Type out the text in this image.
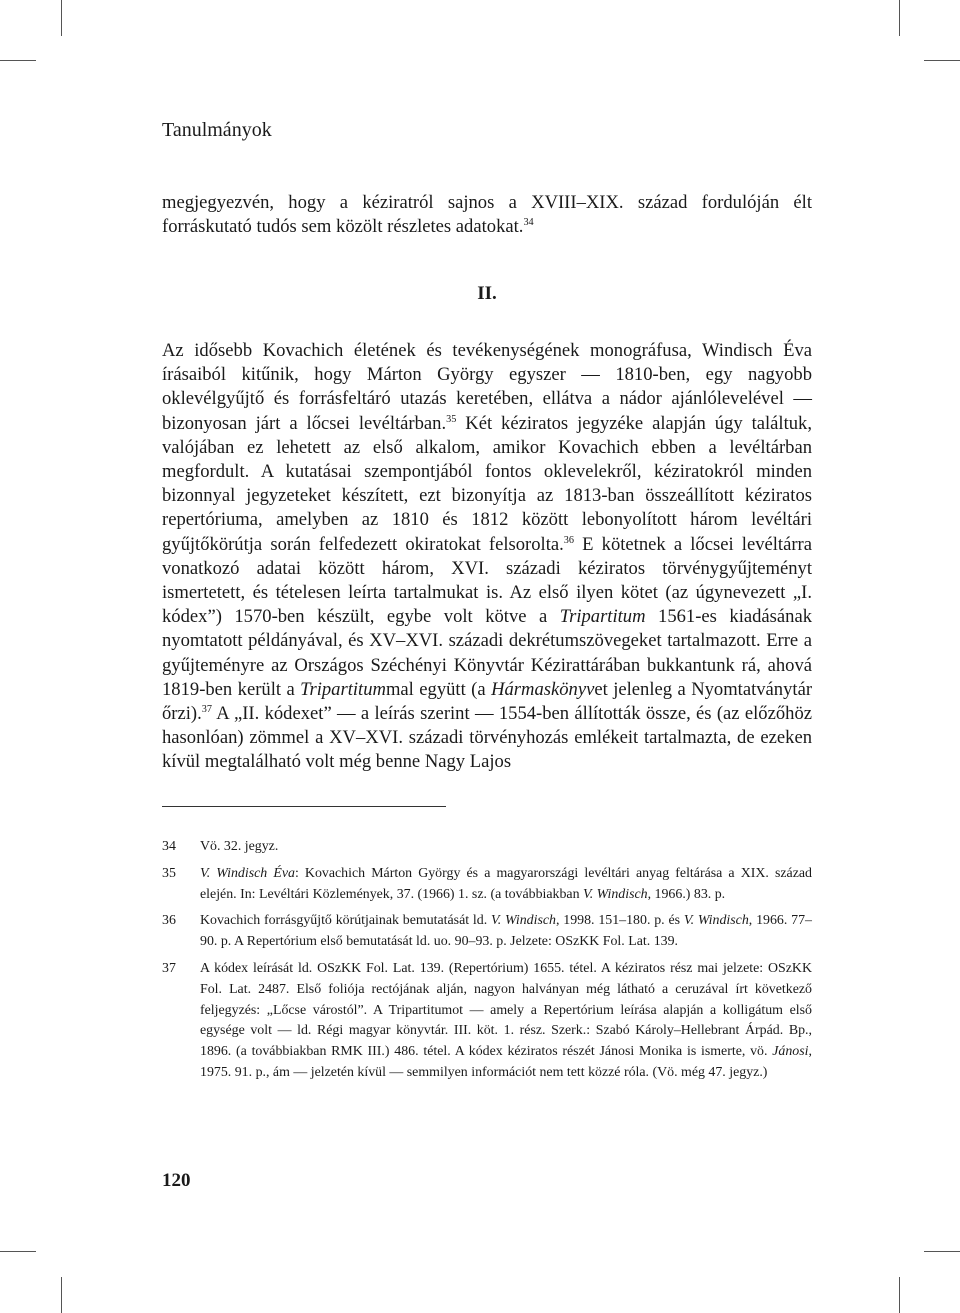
Tanulmányok

megjegyezvén, hogy a kéziratról sajnos a XVIII–XIX. század fordulóján élt forráskutató tudós sem közölt részletes adatokat.$^{34}$

II.

Az idősebb Kovachich életének és tevékenységének monográfusa, Windisch Éva írásaiból kitűnik, hogy Márton György egyszer — 1810-ben, egy nagyobb oklevélgyűjtő és forrásfeltáró utazás keretében, ellátva a nádor ajánlólevelével — bizonyosan járt a lőcsei levéltárban.$^{35}$ Két kéziratos jegyzéke alapján úgy találtuk, valójában ez lehetett az első alkalom, amikor Kovachich ebben a levéltárban megfordult. A kutatásai szempontjából fontos oklevelekről, kéziratokról minden bizonnyal jegyzeteket készített, ezt bizonyítja az 1813-ban összeállított kéziratos repertóriuma, amelyben az 1810 és 1812 között lebonyolított három levéltári gyűjtőkörútja során felfedezett okiratokat felsorolta.$^{36}$ E kötetnek a lőcsei levéltárra vonatkozó adatai között három, XVI. századi kéziratos törvénygyűjteményt ismertetett, és tételesen leírta tartalmukat is. Az első ilyen kötet (az úgynevezett „I. kódex”) 1570-ben készült, egybe volt kötve a Tripartitum 1561-es kiadásának nyomtatott példányával, és XV–XVI. századi dekrétumszövegeket tartalmazott. Erre a gyűjteményre az Országos Széchényi Könyvtár Kézirattárában bukkantunk rá, ahová 1819-ben került a Tripartitummal együtt (a Hármaskönyvet jelenleg a Nyomtatványtár őrzi).$^{37}$ A „II. kódexet” — a leírás szerint — 1554-ben állították össze, és (az előzőhöz hasonlóan) zömmel a XV–XVI. századi törvényhozás emlékeit tartalmazta, de ezeken kívül megtalálható volt még benne Nagy Lajos

34	Vö. 32. jegyz.
35	V. Windisch Éva: Kovachich Márton György és a magyarországi levéltári anyag feltárása a XIX. század elején. In: Levéltári Közlemények, 37. (1966) 1. sz. (a továbbiakban V. Windisch, 1966.) 83. p.
36	Kovachich forrásgyűjtő körútjainak bemutatását ld. V. Windisch, 1998. 151–180. p. és V. Windisch, 1966. 77–90. p. A Repertórium első bemutatását ld. uo. 90–93. p. Jelzete: OSzKK Fol. Lat. 139.
37	A kódex leírását ld. OSzKK Fol. Lat. 139. (Repertórium) 1655. tétel. A kéziratos rész mai jelzete: OSzKK Fol. Lat. 2487. Első foliója rectójának alján, nagyon halványan még látható a ceruzával írt következő feljegyzés: „Lőcse várostól”. A Tripartitumot — amely a Repertórium leírása alapján a kolligátum első egysége volt — ld. Régi magyar könyvtár. III. köt. 1. rész. Szerk.: Szabó Károly–Hellebrant Árpád. Bp., 1896. (a továbbiakban RMK III.) 486. tétel. A kódex kéziratos részét Jánosi Monika is ismerte, vö. Jánosi, 1975. 91. p., ám — jelzetén kívül — semmilyen információt nem tett közzé róla. (Vö. még 47. jegyz.)

120
